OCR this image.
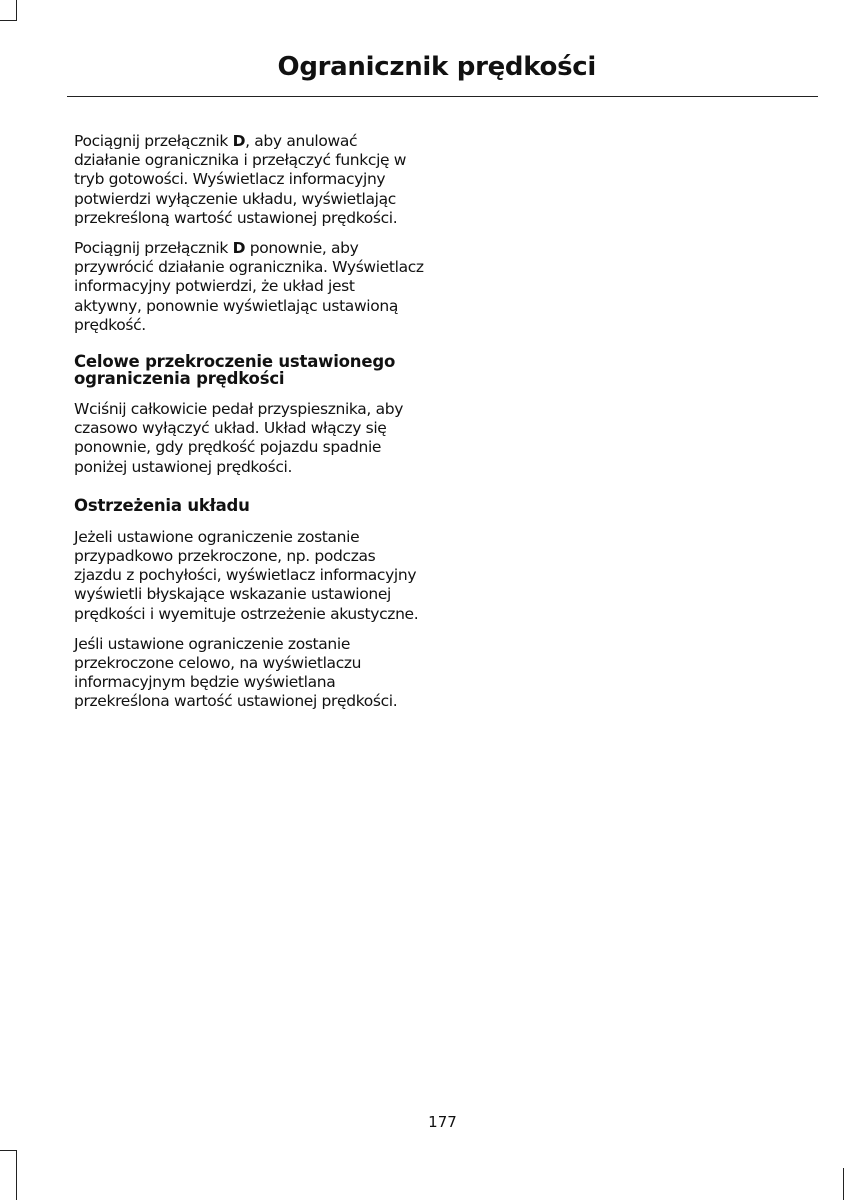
Ogranicznik prędkości

Pociągnij przełącznik D, aby anulować działanie ogranicznika i przełączyć funkcję w tryb gotowości. Wyświetlacz informacyjny potwierdzi wyłączenie układu, wyświetlając przekreśloną wartość ustawionej prędkości.

Pociągnij przełącznik D ponownie, aby przywrócić działanie ogranicznika. Wyświetlacz informacyjny potwierdzi, że układ jest aktywny, ponownie wyświetlając ustawioną prędkość.

Celowe przekroczenie ustawionego ograniczenia prędkości

Wciśnij całkowicie pedał przyspiesznika, aby czasowo wyłączyć układ. Układ włączy się ponownie, gdy prędkość pojazdu spadnie poniżej ustawionej prędkości.

Ostrzeżenia układu

Jeżeli ustawione ograniczenie zostanie przypadkowo przekroczone, np. podczas zjazdu z pochyłości, wyświetlacz informacyjny wyświetli błyskające wskazanie ustawionej prędkości i wyemituje ostrzeżenie akustyczne.

Jeśli ustawione ograniczenie zostanie przekroczone celowo, na wyświetlaczu informacyjnym będzie wyświetlana przekreślona wartość ustawionej prędkości.

177
